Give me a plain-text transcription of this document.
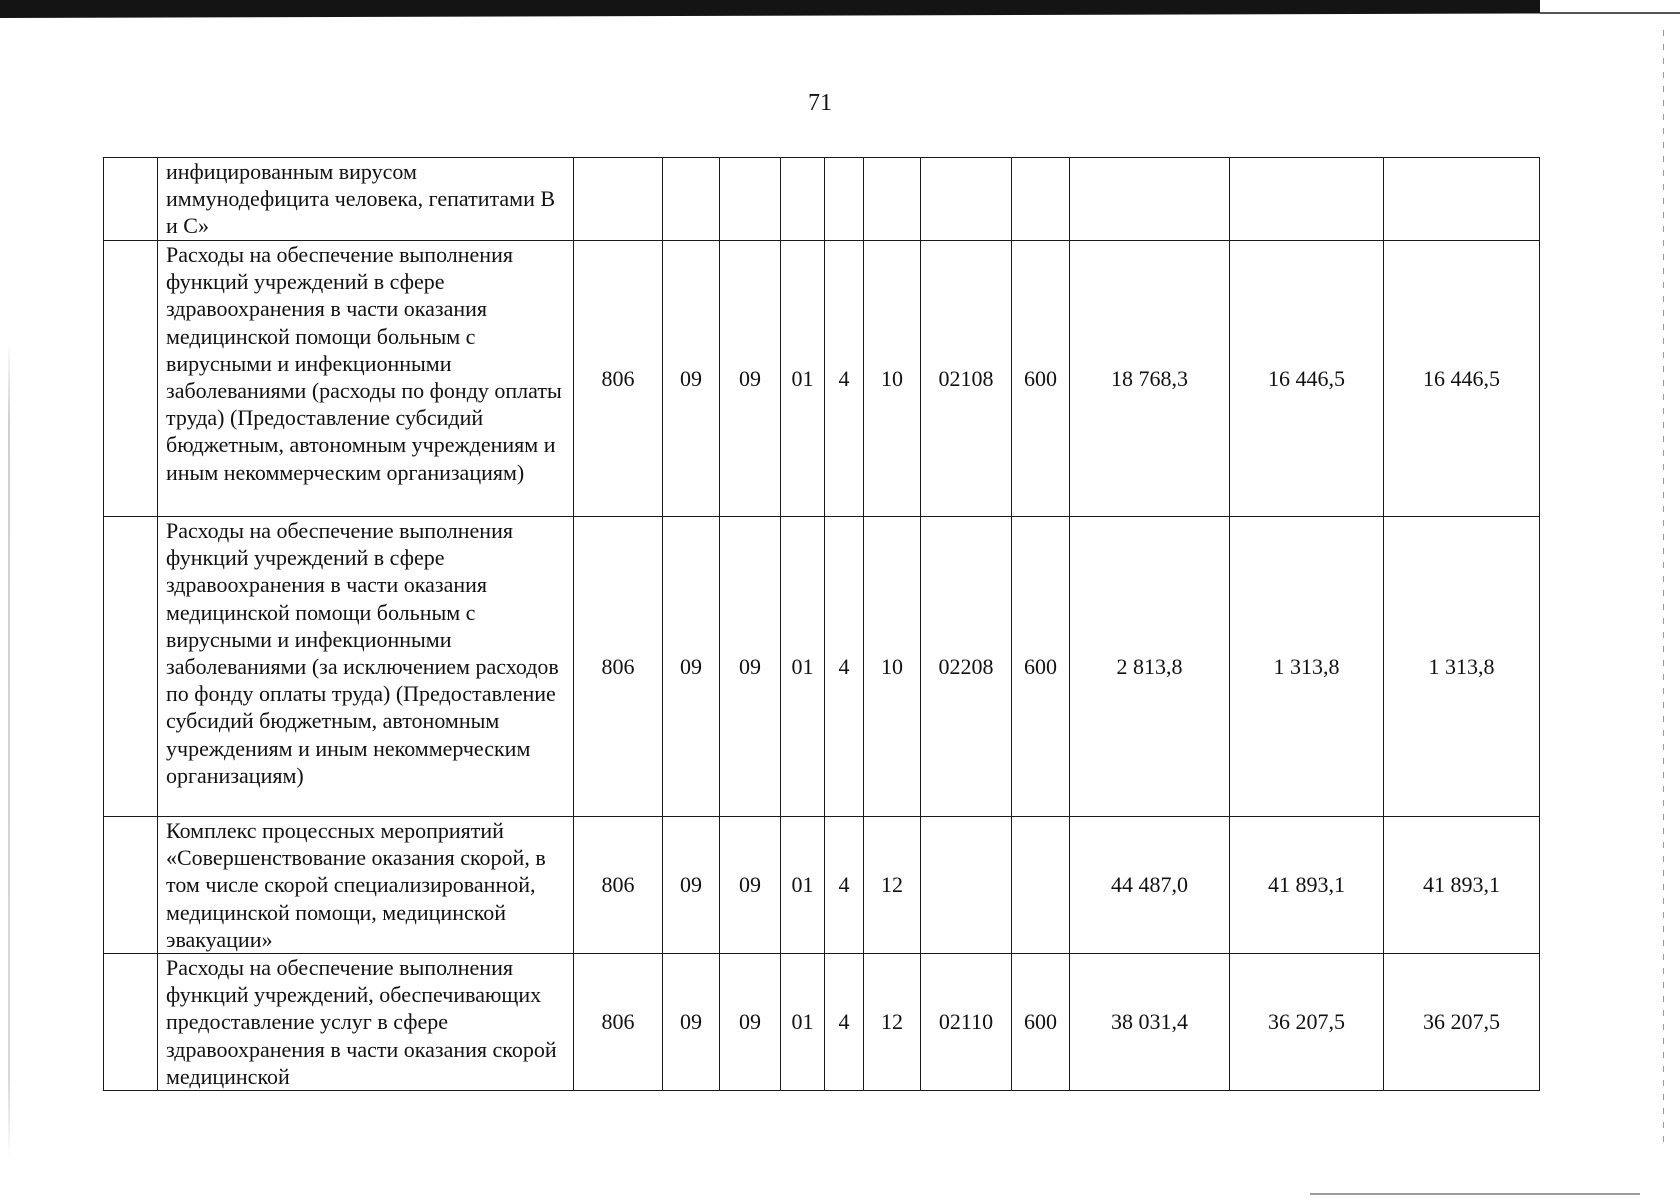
71
	инфицированным вирусом иммунодефицита человека, гепатитами В и С»											
	Расходы на обеспечение выполнения функций учреждений в сфере здравоохранения в части оказания медицинской помощи больным с вирусными и инфекционными заболеваниями (расходы по фонду оплаты труда) (Предоставление субсидий бюджетным, автономным учреждениям и иным некоммерческим организациям)	806	09	09	01	4	10	02108	600	18 768,3	16 446,5	16 446,5
	Расходы на обеспечение выполнения функций учреждений в сфере здравоохранения в части оказания медицинской помощи больным с вирусными и инфекционными заболеваниями (за исключением расходов по фонду оплаты труда) (Предоставление субсидий бюджетным, автономным учреждениям и иным некоммерческим организациям)	806	09	09	01	4	10	02208	600	2 813,8	1 313,8	1 313,8
	Комплекс процессных мероприятий «Совершенствование оказания скорой, в том числе скорой специализированной, медицинской помощи, медицинской эвакуации»	806	09	09	01	4	12			44 487,0	41 893,1	41 893,1
	Расходы на обеспечение выполнения функций учреждений, обеспечивающих предоставление услуг в сфере здравоохранения в части оказания скорой медицинской	806	09	09	01	4	12	02110	600	38 031,4	36 207,5	36 207,5
